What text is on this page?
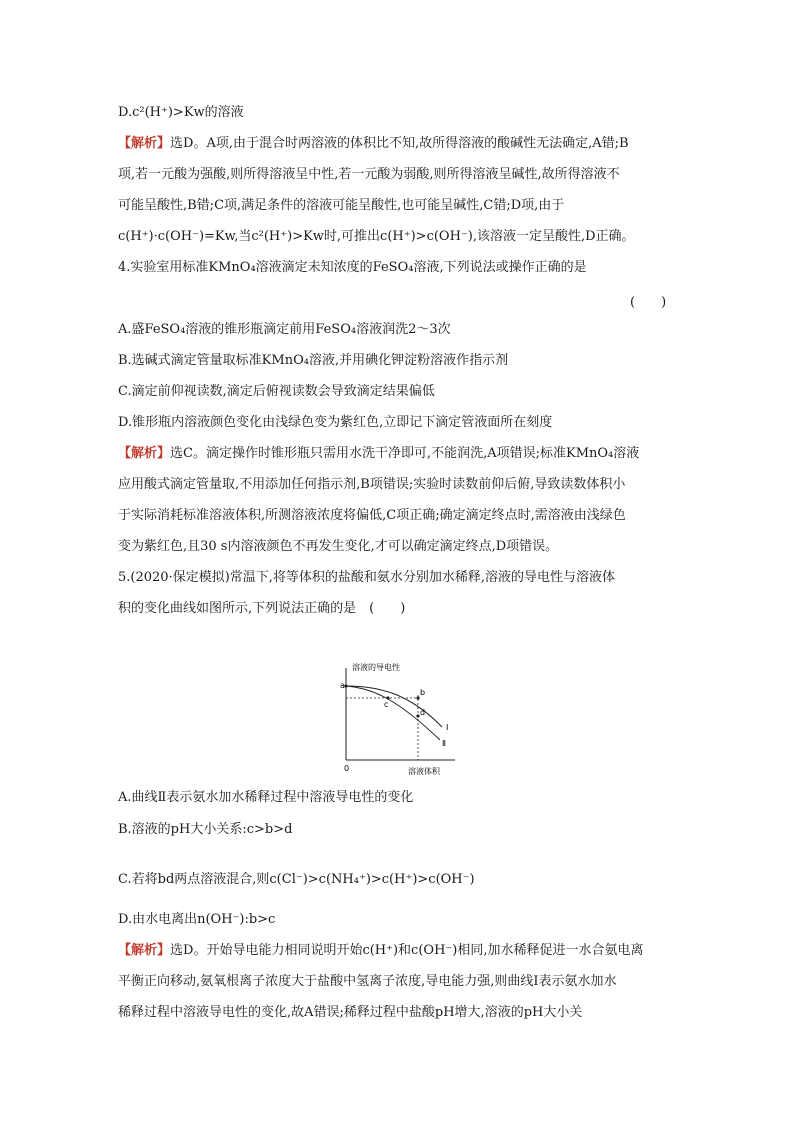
D.c²(H⁺)>Kw的溶液
【解析】选D。A项,由于混合时两溶液的体积比不知,故所得溶液的酸碱性无法确定,A错;B
项,若一元酸为强酸,则所得溶液呈中性,若一元酸为弱酸,则所得溶液呈碱性,故所得溶液不
可能呈酸性,B错;C项,满足条件的溶液可能呈酸性,也可能呈碱性,C错;D项,由于
c(H⁺)·c(OH⁻)=Kw,当c²(H⁺)>Kw时,可推出c(H⁺)>c(OH⁻),该溶液一定呈酸性,D正确。
4.实验室用标准KMnO₄溶液滴定未知浓度的FeSO₄溶液,下列说法或操作正确的是
(　　)
A.盛FeSO₄溶液的锥形瓶滴定前用FeSO₄溶液润洗2～3次
B.选碱式滴定管量取标准KMnO₄溶液,并用碘化钾淀粉溶液作指示剂
C.滴定前仰视读数,滴定后俯视读数会导致滴定结果偏低
D.锥形瓶内溶液颜色变化由浅绿色变为紫红色,立即记下滴定管液面所在刻度
【解析】选C。滴定操作时锥形瓶只需用水洗干净即可,不能润洗,A项错误;标准KMnO₄溶液
应用酸式滴定管量取,不用添加任何指示剂,B项错误;实验时读数前仰后俯,导致读数体积小
于实际消耗标准溶液体积,所测溶液浓度将偏低,C项正确;确定滴定终点时,需溶液由浅绿色
变为紫红色,且30 s内溶液颜色不再发生变化,才可以确定滴定终点,D项错误。
5.(2020·保定模拟)常温下,将等体积的盐酸和氨水分别加水稀释,溶液的导电性与溶液体
积的变化曲线如图所示,下列说法正确的是　(　　)
溶液的导电性
溶液体积
0
a
b
c
d
Ⅰ
Ⅱ
A.曲线Ⅱ表示氨水加水稀释过程中溶液导电性的变化
B.溶液的pH大小关系:c>b>d
C.若将bd两点溶液混合,则c(Cl⁻)>c(NH₄⁺)>c(H⁺)>c(OH⁻)
D.由水电离出n(OH⁻):b>c
【解析】选D。开始导电能力相同说明开始c(H⁺)和c(OH⁻)相同,加水稀释促进一水合氨电离
平衡正向移动,氨氧根离子浓度大于盐酸中氢离子浓度,导电能力强,则曲线Ⅰ表示氨水加水
稀释过程中溶液导电性的变化,故A错误;稀释过程中盐酸pH增大,溶液的pH大小关
